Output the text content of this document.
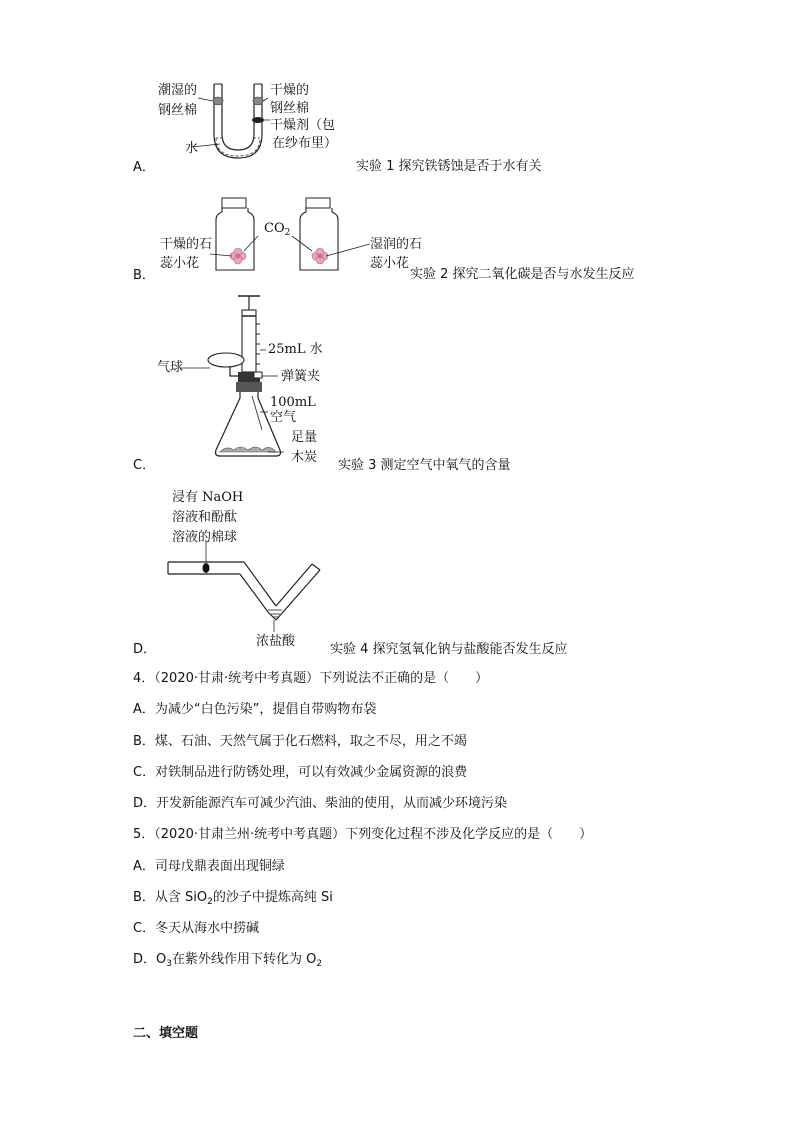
潮湿的
钢丝棉
干燥的
钢丝棉
干燥剂（包
在纱布里）
水
A．	实验 1 探究铁锈蚀是否于水有关
$CO_2$
干燥的石
蕊小花
湿润的石
蕊小花
B．	实验 2 探究二氧化碳是否与水发生反应
25mL 水
气球
弹簧夹
100mL
空气
足量
木炭
C．	实验 3 测定空气中氧气的含量
浸有 NaOH
溶液和酚酞
溶液的棉球
浓盐酸
D．	实验 4 探究氢氧化钠与盐酸能否发生反应
4．（2020·甘肃·统考中考真题）下列说法不正确的是（　　）
A．为减少“白色污染”，提倡自带购物布袋
B．煤、石油、天然气属于化石燃料，取之不尽，用之不竭
C．对铁制品进行防锈处理，可以有效减少金属资源的浪费
D．开发新能源汽车可减少汽油、柴油的使用，从而减少环境污染
5．（2020·甘肃兰州·统考中考真题）下列变化过程不涉及化学反应的是（　　）
A．司母戊鼎表面出现铜绿
B．从含 SiO$_2$的沙子中提炼高纯 Si
C．冬天从海水中捞碱
D．$O_3$在紫外线作用下转化为 $O_2$
二、填空题
